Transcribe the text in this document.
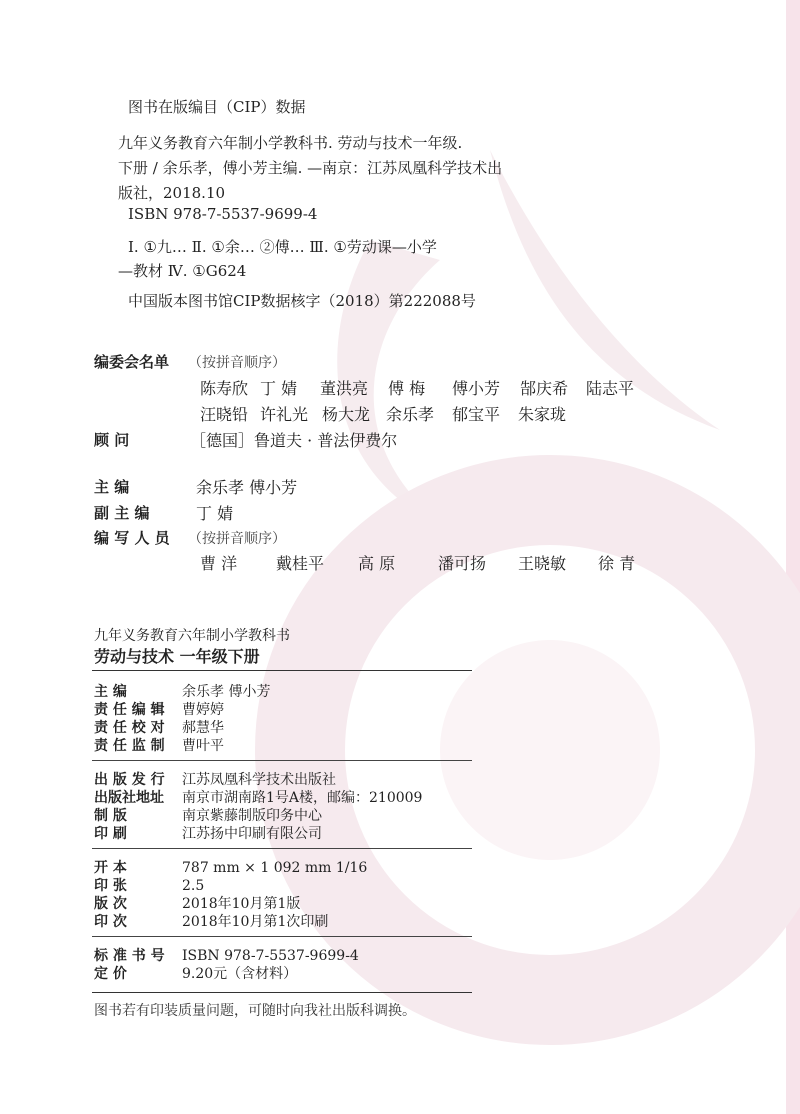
图书在版编目（CIP）数据
九年义务教育六年制小学教科书. 劳动与技术一年级.
下册 / 余乐孝，傅小芳主编. —南京：江苏凤凰科学技术出
版社，2018.10
ISBN 978-7-5537-9699-4
Ⅰ. ①九… Ⅱ. ①余… ②傅… Ⅲ. ①劳动课—小学
—教材 Ⅳ. ①G624
中国版本图书馆CIP数据核字（2018）第222088号
编委会名单 （按拼音顺序）
陈寿欣 丁 婧 董洪亮 傅 梅 傅小芳 郜庆希 陆志平
汪晓铅 许礼光 杨大龙 余乐孝 郁宝平 朱家珑
顾 问	［德国］鲁道夫 · 普法伊费尔
主 编	余乐孝 傅小芳
副 主 编	丁 婧
编 写 人 员 （按拼音顺序）
曹 洋 戴桂平 高 原	潘可扬 王晓敏 徐 青
九年义务教育六年制小学教科书
劳动与技术 一年级下册
主 编	余乐孝 傅小芳
责 任 编 辑 曹婷婷
责 任 校 对 郝慧华
责 任 监 制 曹叶平
出 版 发 行 江苏凤凰科学技术出版社
出版社地址 南京市湖南路1号A楼，邮编：210009
制 版	南京紫藤制版印务中心
印 刷	江苏扬中印刷有限公司
开 本	787 mm × 1 092 mm 1/16
印 张	2.5
版 次	2018年10月第1版
印 次	2018年10月第1次印刷
标 准 书 号 ISBN 978-7-5537-9699-4
定 价	9.20元（含材料）
图书若有印装质量问题，可随时向我社出版科调换。
